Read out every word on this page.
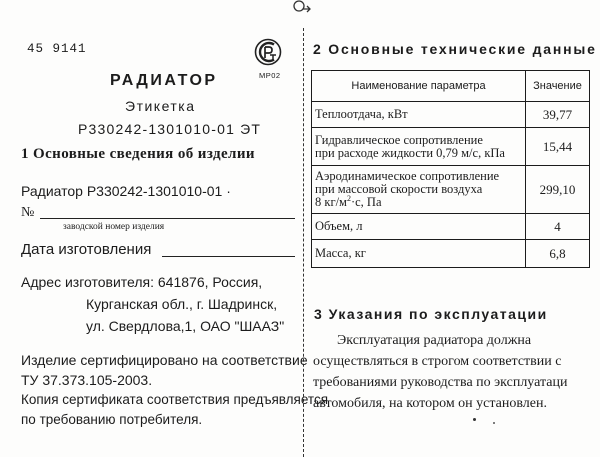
45 9141
МР02
РАДИАТОР
Этикетка
Р330242-1301010-01 ЭТ
1 Основные сведения об изделии
Радиатор Р330242-1301010-01 ·
№
заводской номер изделия
Дата изготовления
Адрес изготовителя: 641876, Россия,
Курганская обл., г. Шадринск,
ул. Свердлова,1, ОАО "ШААЗ"
Изделие сертифицировано на соответствие
ТУ 37.373.105-2003.
Копия сертификата соответствия предъявляется
по требованию потребителя.
2 Основные технические данные
Наименование параметра	Значение
Теплоотдача, кВт	39,77
Гидравлическое сопротивление
при расходе жидкости 0,79 м/с, кПа	15,44
Аэродинамическое сопротивление
при массовой скорости воздуха
8 $кг/м^2\cdot с$, Па	299,10
Объем, л	4
Масса, кг	6,8
3 Указания по эксплуатации
Эксплуатация радиатора должна
осуществляться в строгом соответствии с
требованиями руководства по эксплуатаци
автомобиля, на котором он установлен.
